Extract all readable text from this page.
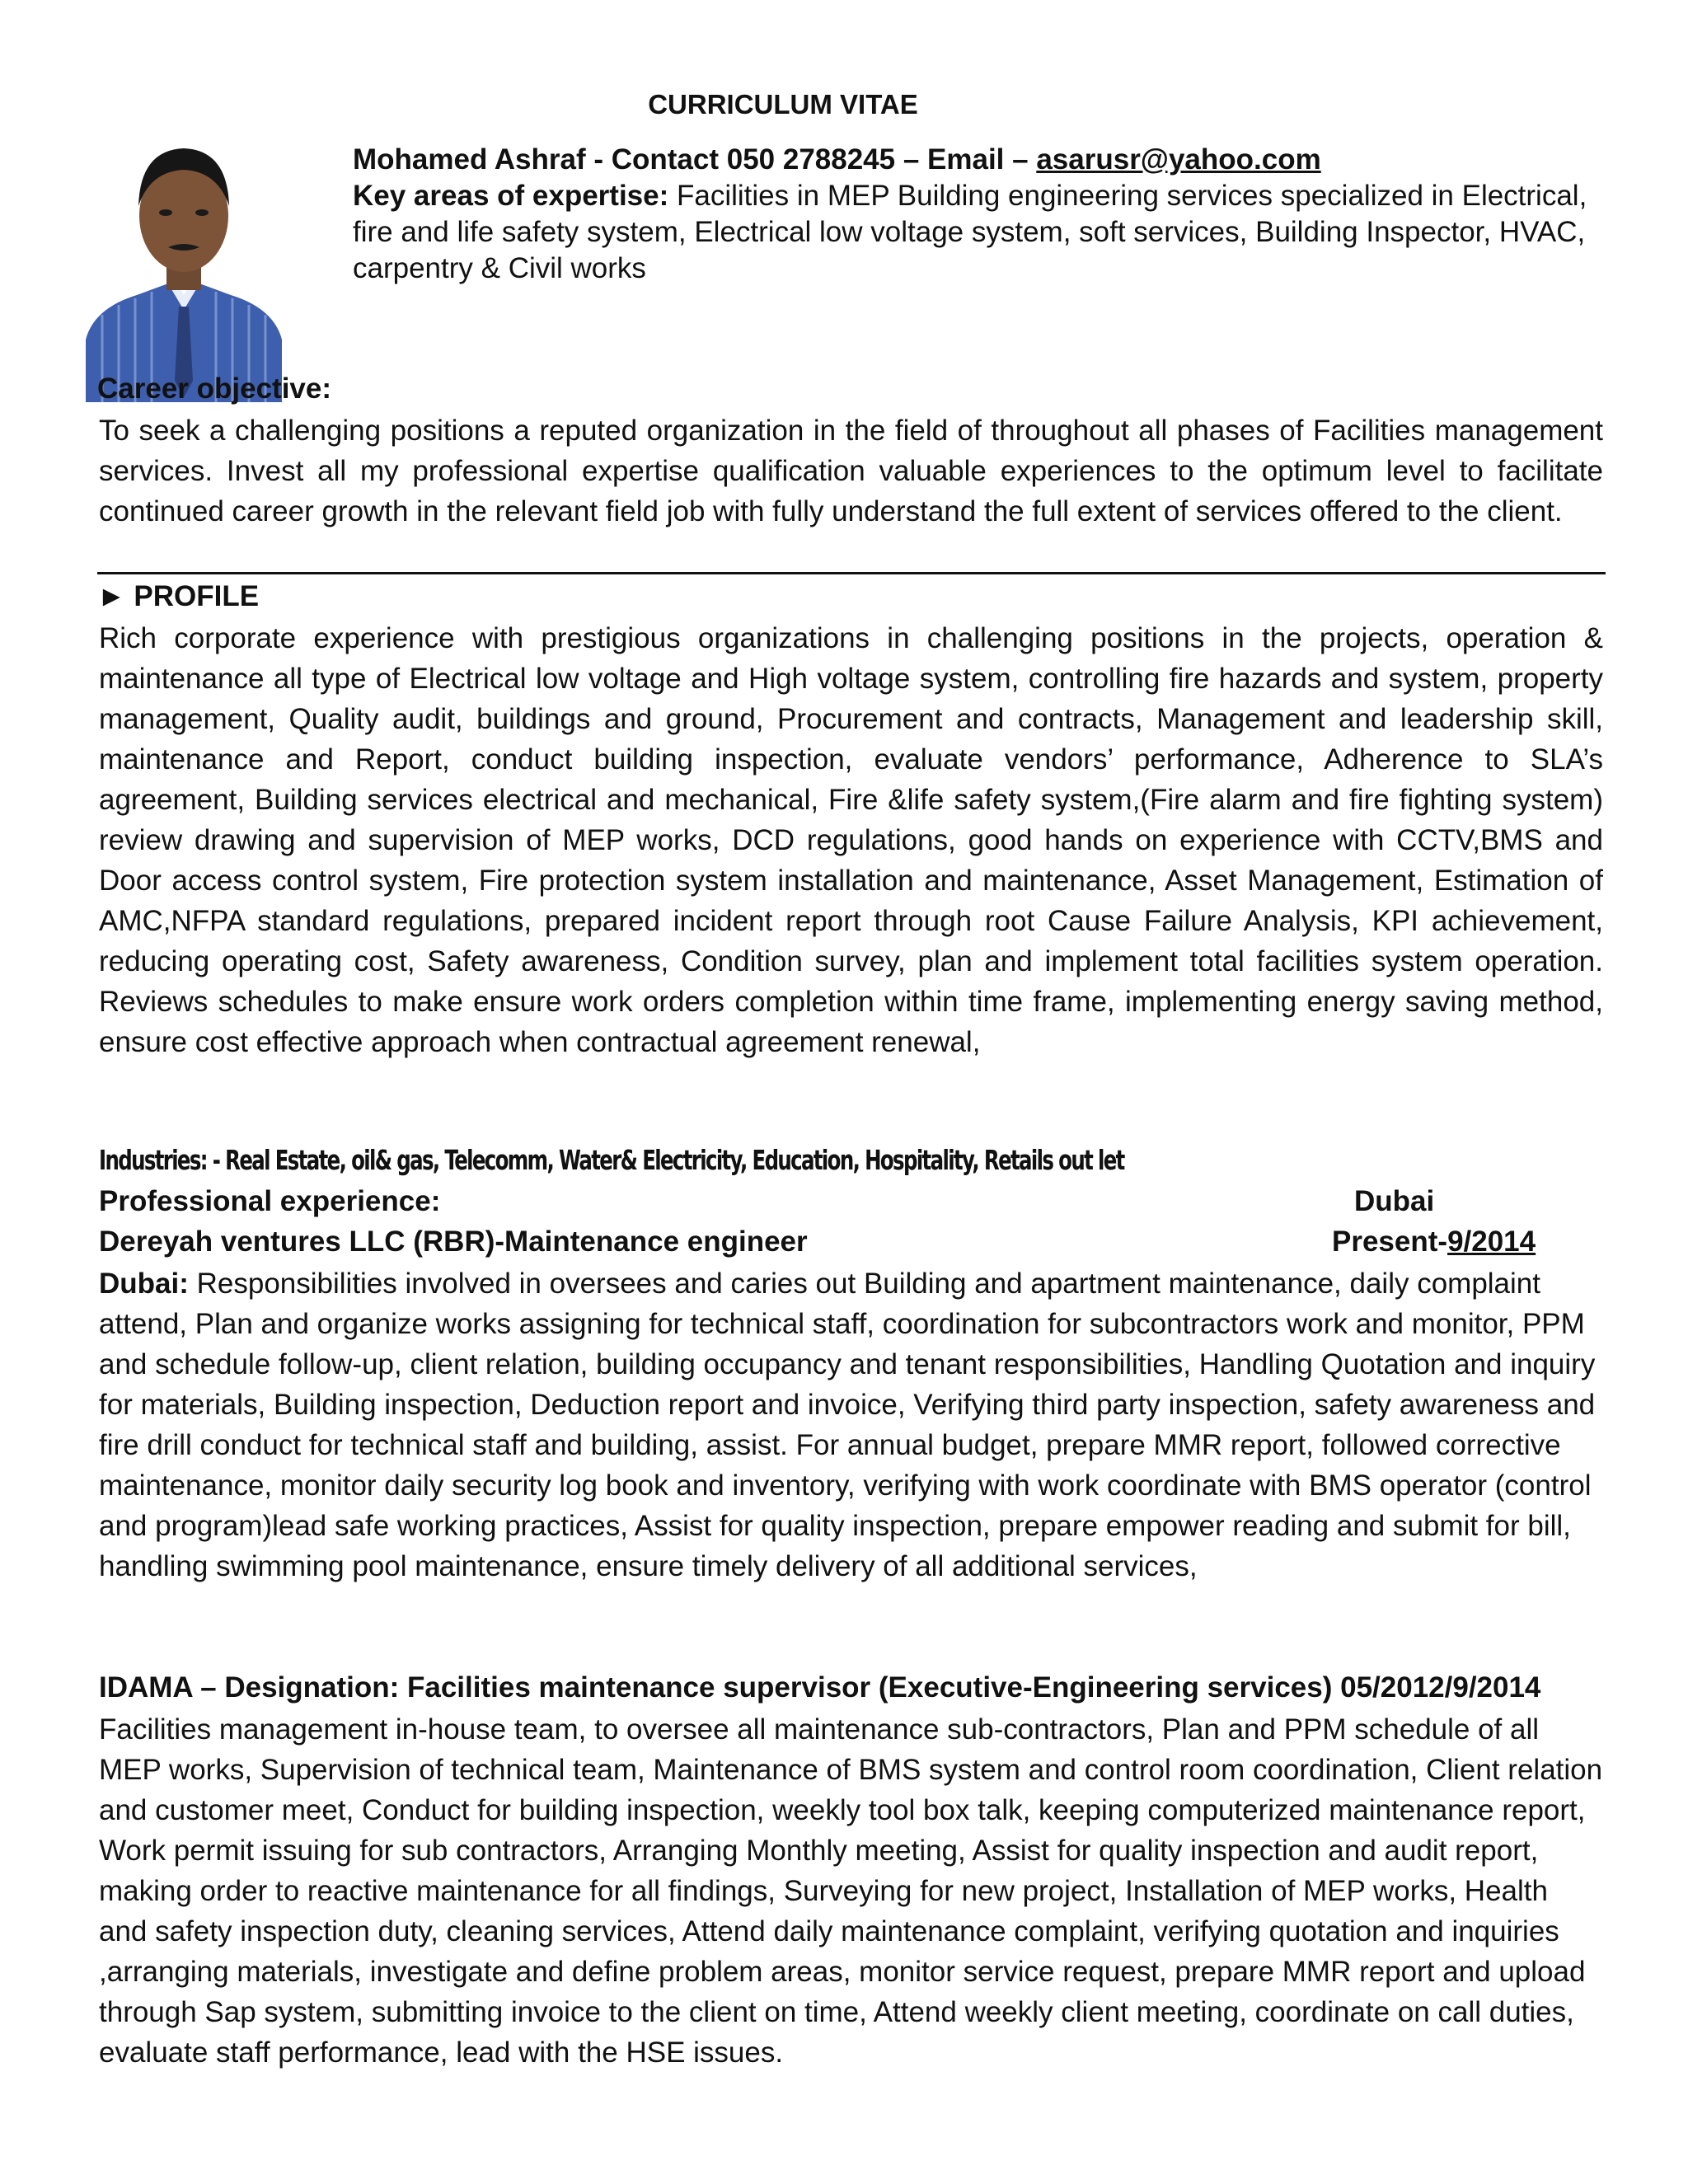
CURRICULUM VITAE
Mohamed Ashraf - Contact 050 2788245 – Email – asarusr@yahoo.com
Key areas of expertise: Facilities in MEP Building engineering services specialized in Electrical, fire and life safety system, Electrical low voltage system, soft services, Building Inspector, HVAC, carpentry & Civil works
Career objective:
To seek a challenging positions a reputed organization in the field of throughout all phases of Facilities management services. Invest all my professional expertise qualification valuable experiences to the optimum level to facilitate continued career growth in the relevant field job with fully understand the full extent of services offered to the client.
► PROFILE
Rich corporate experience with prestigious organizations in challenging positions in the projects, operation & maintenance all type of Electrical low voltage and High voltage system, controlling fire hazards and system, property management, Quality audit, buildings and ground, Procurement and contracts, Management and leadership skill, maintenance and Report, conduct building inspection, evaluate vendors’ performance, Adherence to SLA’s agreement, Building services electrical and mechanical, Fire &life safety system,(Fire alarm and fire fighting system) review drawing and supervision of MEP works, DCD regulations, good hands on experience with CCTV,BMS and Door access control system, Fire protection system installation and maintenance, Asset Management, Estimation of AMC,NFPA standard regulations, prepared incident report through root Cause Failure Analysis, KPI achievement, reducing operating cost, Safety awareness, Condition survey, plan and implement total facilities system operation. Reviews schedules to make ensure work orders completion within time frame, implementing energy saving method, ensure cost effective approach when contractual agreement renewal,
Industries: - Real Estate, oil& gas, Telecomm, Water& Electricity, Education, Hospitality, Retails out let
Professional experience:	Dubai
Dereyah ventures LLC (RBR)-Maintenance engineer	Present-9/2014
Dubai: Responsibilities involved in oversees and caries out Building and apartment maintenance, daily complaint attend, Plan and organize works assigning for technical staff, coordination for subcontractors work and monitor, PPM and schedule follow-up, client relation, building occupancy and tenant responsibilities, Handling Quotation and inquiry for materials, Building inspection, Deduction report and invoice, Verifying third party inspection, safety awareness and fire drill conduct for technical staff and building, assist. For annual budget, prepare MMR report, followed corrective maintenance, monitor daily security log book and inventory, verifying with work coordinate with BMS operator (control and program)lead safe working practices, Assist for quality inspection, prepare empower reading and submit for bill, handling swimming pool maintenance, ensure timely delivery of all additional services,
IDAMA – Designation: Facilities maintenance supervisor (Executive-Engineering services) 05/2012/9/2014
Facilities management in-house team, to oversee all maintenance sub-contractors, Plan and PPM schedule of all MEP works, Supervision of technical team, Maintenance of BMS system and control room coordination, Client relation and customer meet, Conduct for building inspection, weekly tool box talk, keeping computerized maintenance report, Work permit issuing for sub contractors, Arranging Monthly meeting, Assist for quality inspection and audit report, making order to reactive maintenance for all findings, Surveying for new project, Installation of MEP works, Health and safety inspection duty, cleaning services, Attend daily maintenance complaint, verifying quotation and inquiries ,arranging materials, investigate and define problem areas, monitor service request, prepare MMR report and upload through Sap system, submitting invoice to the client on time, Attend weekly client meeting, coordinate on call duties, evaluate staff performance, lead with the HSE issues.
